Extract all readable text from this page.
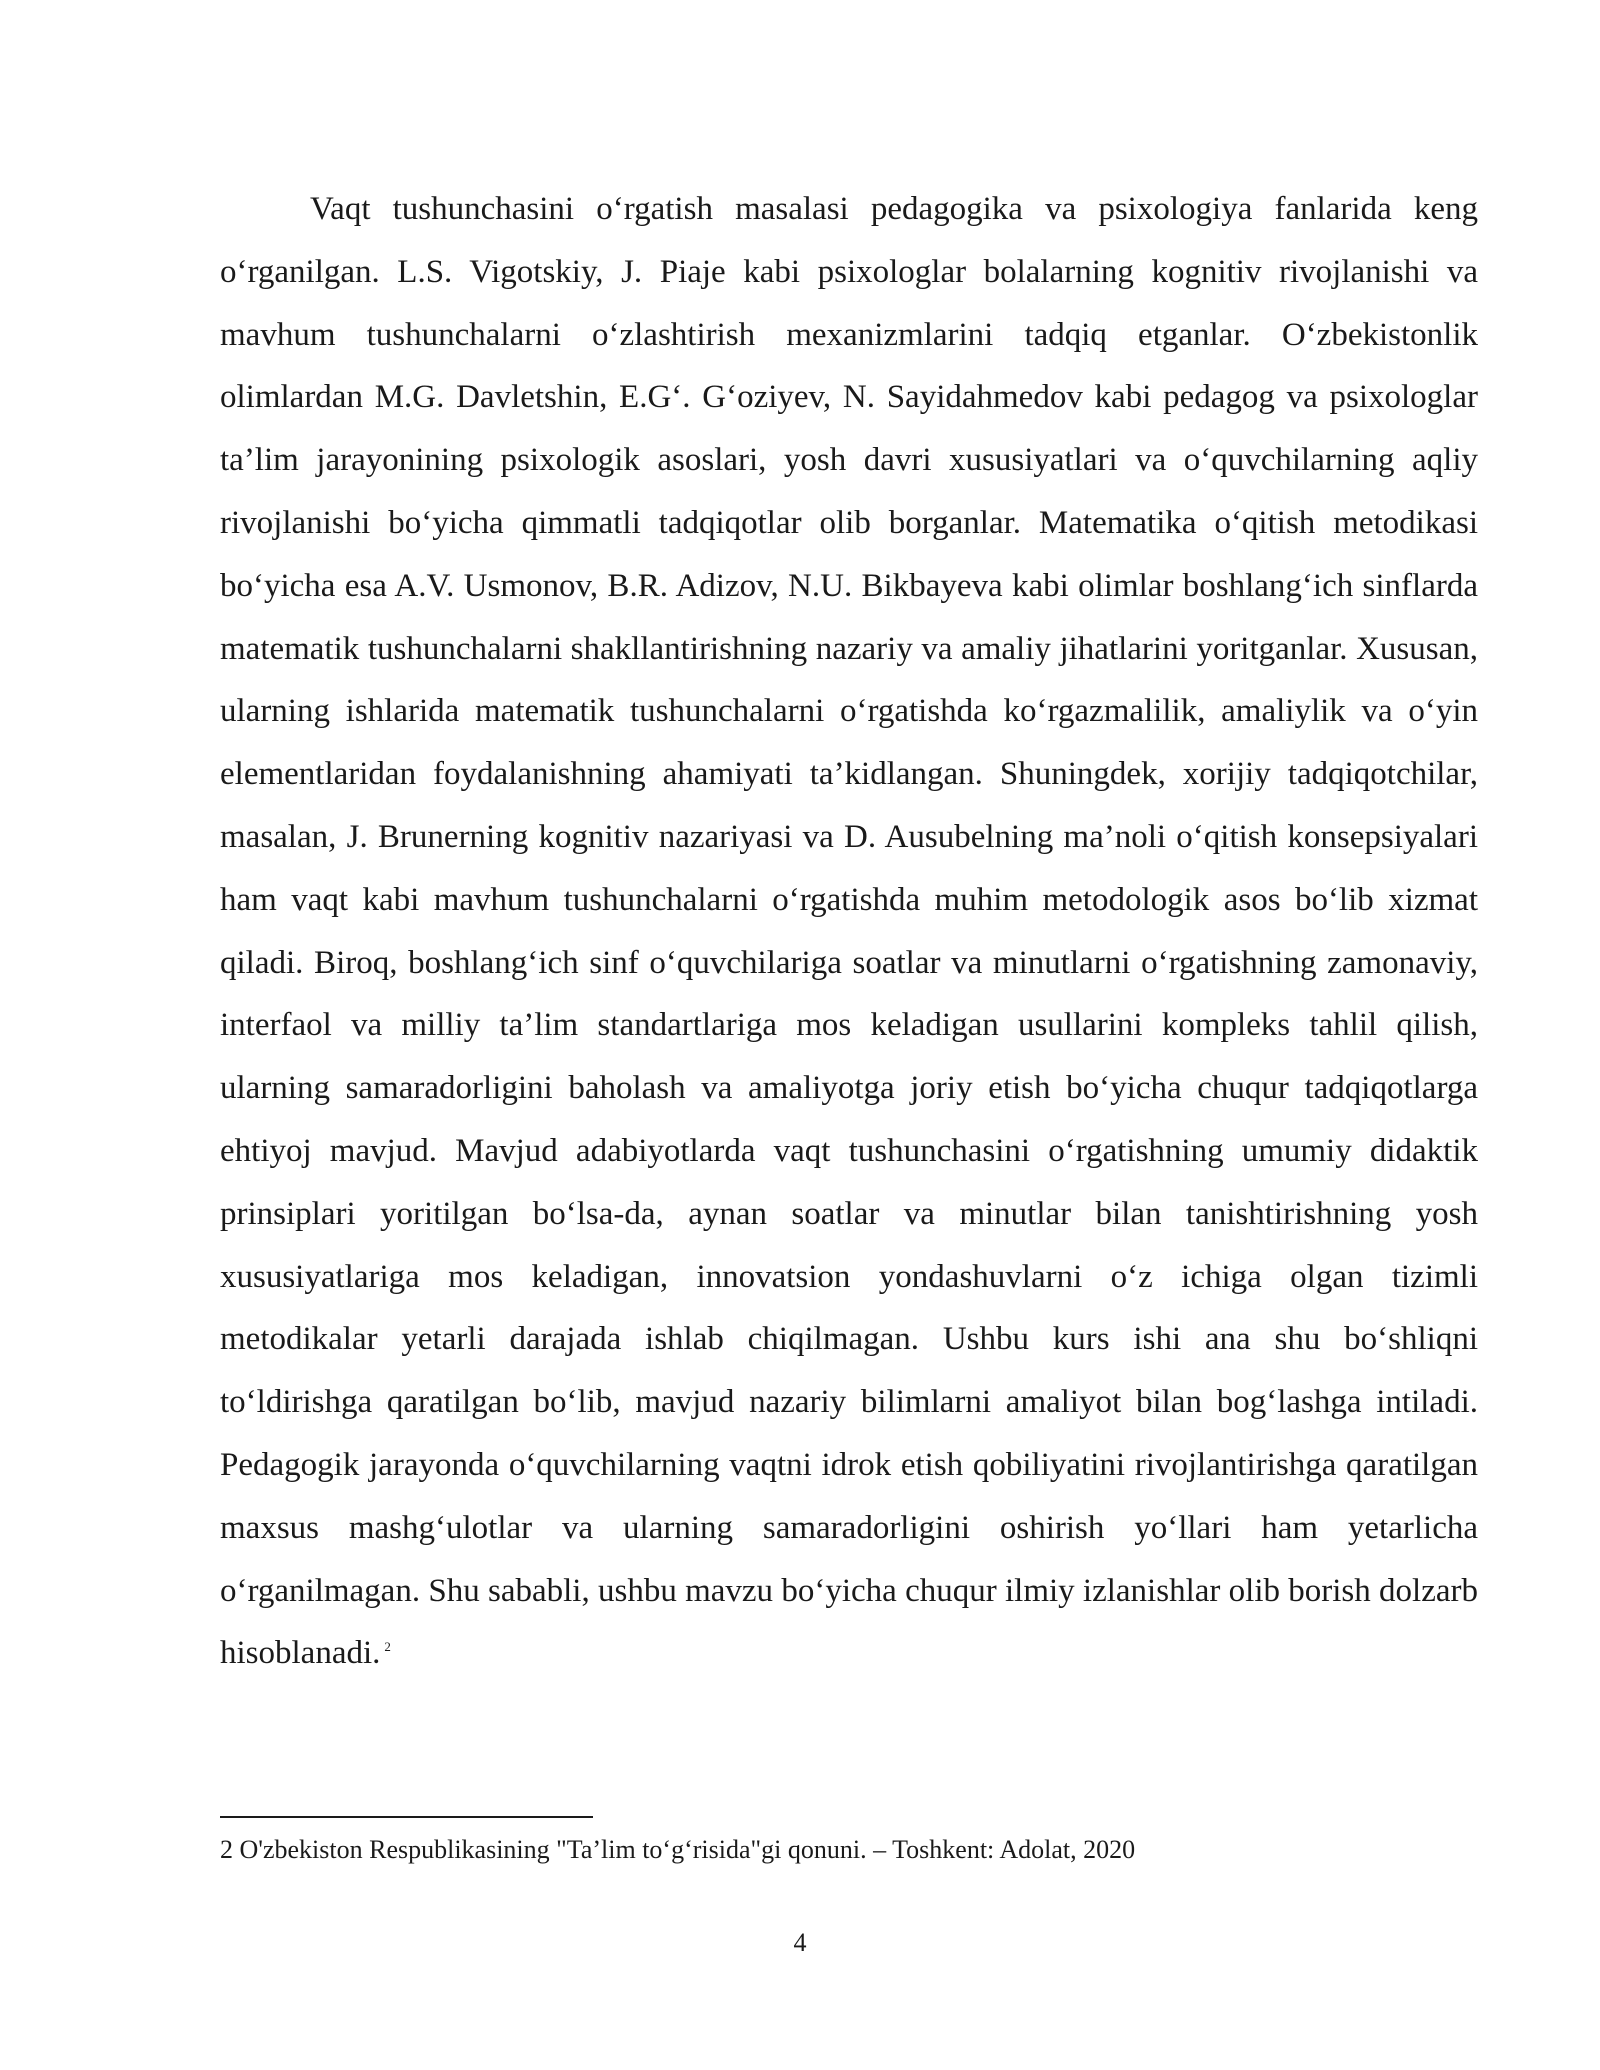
Vaqt tushunchasini o‘rgatish masalasi pedagogika va psixologiya fanlarida keng o‘rganilgan. L.S. Vigotskiy, J. Piaje kabi psixologlar bolalarning kognitiv rivojlanishi va mavhum tushunchalarni o‘zlashtirish mexanizmlarini tadqiq etganlar. O‘zbekistonlik olimlardan M.G. Davletshin, E.G‘. G‘oziyev, N. Sayidahmedov kabi pedagog va psixologlar ta’lim jarayonining psixologik asoslari, yosh davri xususiyatlari va o‘quvchilarning aqliy rivojlanishi bo‘yicha qimmatli tadqiqotlar olib borganlar. Matematika o‘qitish metodikasi bo‘yicha esa A.V. Usmonov, B.R. Adizov, N.U. Bikbayeva kabi olimlar boshlang‘ich sinflarda matematik tushunchalarni shakllantirishning nazariy va amaliy jihatlarini yoritganlar. Xususan, ularning ishlarida matematik tushunchalarni o‘rgatishda ko‘rgazmalilik, amaliylik va o‘yin elementlaridan foydalanishning ahamiyati ta’kidlangan. Shuningdek, xorijiy tadqiqotchilar, masalan, J. Brunerning kognitiv nazariyasi va D. Ausubelning ma’noli o‘qitish konsepsiyalari ham vaqt kabi mavhum tushunchalarni o‘rgatishda muhim metodologik asos bo‘lib xizmat qiladi. Biroq, boshlang‘ich sinf o‘quvchilariga soatlar va minutlarni o‘rgatishning zamonaviy, interfaol va milliy ta’lim standartlariga mos keladigan usullarini kompleks tahlil qilish, ularning samaradorligini baholash va amaliyotga joriy etish bo‘yicha chuqur tadqiqotlarga ehtiyoj mavjud. Mavjud adabiyotlarda vaqt tushunchasini o‘rgatishning umumiy didaktik prinsiplari yoritilgan bo‘lsa-da, aynan soatlar va minutlar bilan tanishtirishning yosh xususiyatlariga mos keladigan, innovatsion yondashuvlarni o‘z ichiga olgan tizimli metodikalar yetarli darajada ishlab chiqilmagan. Ushbu kurs ishi ana shu bo‘shliqni to‘ldirishga qaratilgan bo‘lib, mavjud nazariy bilimlarni amaliyot bilan bog‘lashga intiladi. Pedagogik jarayonda o‘quvchilarning vaqtni idrok etish qobiliyatini rivojlantirishga qaratilgan maxsus mashg‘ulotlar va ularning samaradorligini oshirish yo‘llari ham yetarlicha o‘rganilmagan. Shu sababli, ushbu mavzu bo‘yicha chuqur ilmiy izlanishlar olib borish dolzarb hisoblanadi. $^2$

2 O'zbekiston Respublikasining "Ta’lim to‘g‘risida"gi qonuni. – Toshkent: Adolat, 2020

4
